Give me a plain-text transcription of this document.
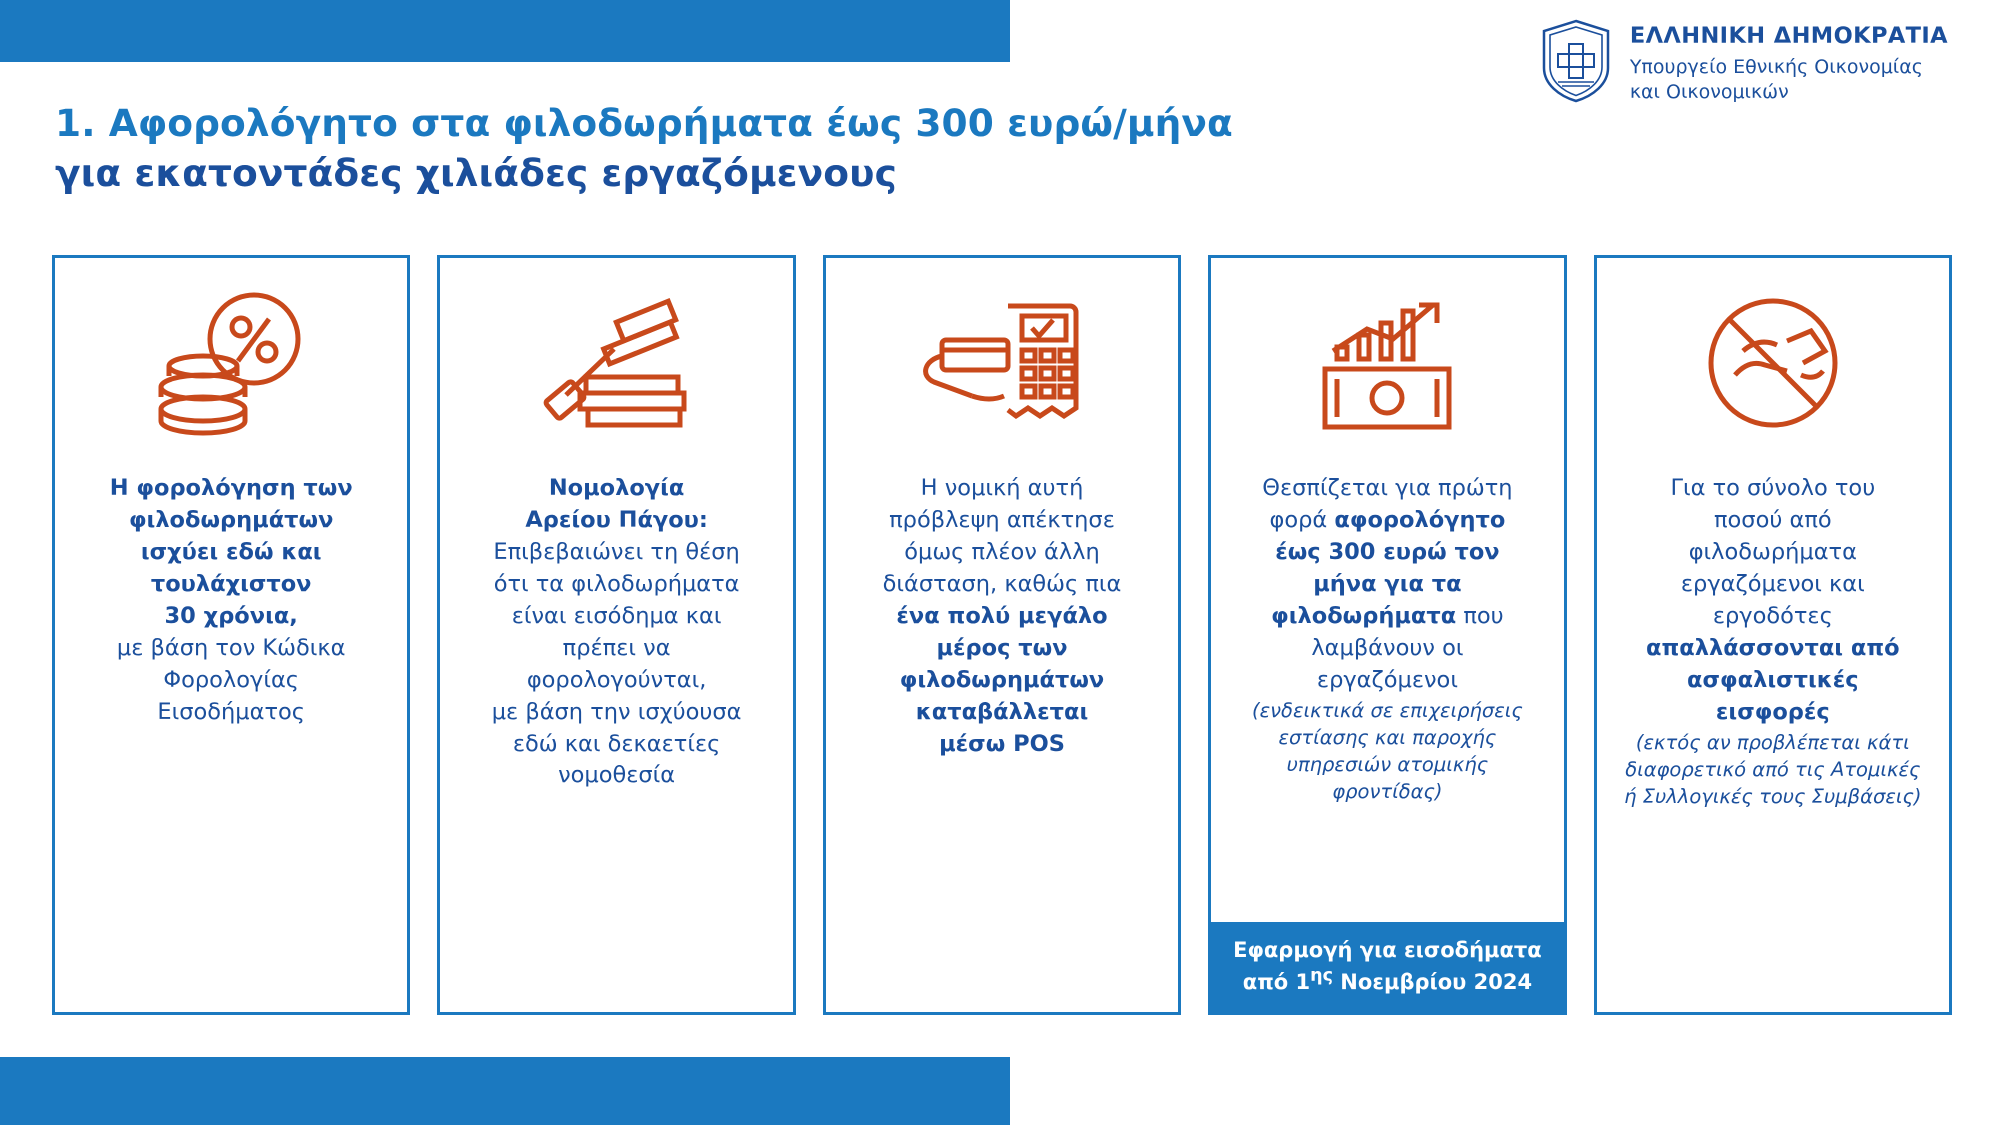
ΕΛΛΗΝΙΚΗ ΔΗΜΟΚΡΑΤΙΑ
Υπουργείο Εθνικής Οικονομίας
και Οικονομικών
1. Αφορολόγητο στα φιλοδωρήματα έως 300 ευρώ/μήνα
για εκατοντάδες χιλιάδες εργαζόμενους
Η φορολόγηση των
φιλοδωρημάτων
ισχύει εδώ και
τουλάχιστον
30 χρόνια,
με βάση τον Κώδικα
Φορολογίας
Εισοδήματος
Νομολογία
Αρείου Πάγου:
Επιβεβαιώνει τη θέση
ότι τα φιλοδωρήματα
είναι εισόδημα και
πρέπει να
φορολογούνται,
με βάση την ισχύουσα
εδώ και δεκαετίες
νομοθεσία
Η νομική αυτή
πρόβλεψη απέκτησε
όμως πλέον άλλη
διάσταση, καθώς πια
ένα πολύ μεγάλο
μέρος των
φιλοδωρημάτων
καταβάλλεται
μέσω POS
Θεσπίζεται για πρώτη
φορά αφορολόγητο
έως 300 ευρώ τον
μήνα για τα
φιλοδωρήματα που
λαμβάνουν οι
εργαζόμενοι

(ενδεικτικά σε επιχειρήσεις εστίασης και παροχής υπηρεσιών ατομικής φροντίδας)
Εφαρμογή για εισοδήματα
από $1^{\eta\varsigma}$ Νοεμβρίου 2024
Για το σύνολο του
ποσού από
φιλοδωρήματα
εργαζόμενοι και
εργοδότες
απαλλάσσονται από
ασφαλιστικές
εισφορές

(εκτός αν προβλέπεται κάτι διαφορετικό από τις Ατομικές ή Συλλογικές τους Συμβάσεις)
